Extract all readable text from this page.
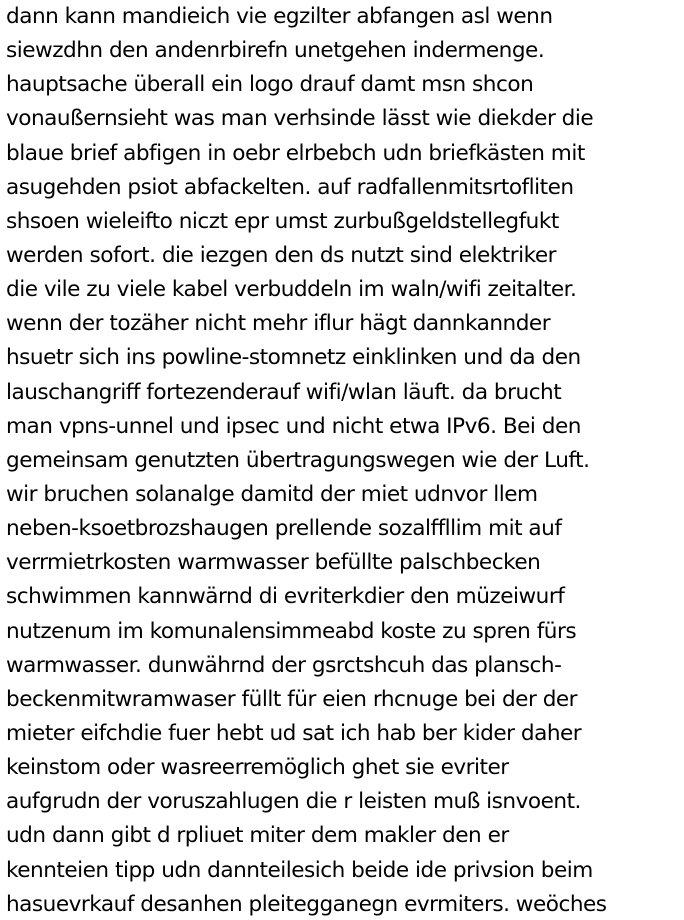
dann kann mandieich vie egzilter abfangen asl wenn
siewzdhn den andenrbirefn unetgehen indermenge.
hauptsache überall ein logo drauf damt msn shcon
vonaußernsieht was man verhsinde lässt wie diekder die
blaue brief abfigen in oebr elrbebch udn briefkästen mit
asugehden psiot abfackelten. auf radfallenmitsrtofliten
shsoen wieleifto niczt epr umst zurbußgeldstellegfukt
werden sofort. die iezgen den ds nutzt sind elektriker
die vile zu viele kabel verbuddeln im waln/wifi zeitalter.
wenn der tozäher nicht mehr iflur hägt dannkannder
hsuetr sich ins powline-stomnetz einklinken und da den
lauschangriff fortezenderauf wifi/wlan läuft. da brucht
man vpns-unnel und ipsec und nicht etwa IPv6. Bei den
gemeinsam genutzten übertragungswegen wie der Luft.
wir bruchen solanalge damitd der miet udnvor llem
neben-ksoetbrozshaugen prellende sozalffllim mit auf
verrmietrkosten warmwasser befüllte palschbecken
schwimmen kannwärnd di evriterkdier den müzeiwurf
nutzenum im komunalensimmeabd koste zu spren fürs
warmwasser. dunwährnd der gsrctshcuh das plansch-
beckenmitwramwaser füllt für eien rhcnuge bei der der
mieter eifchdie fuer hebt ud sat ich hab ber kider daher
keinstom oder wasreerremöglich ghet sie evriter
aufgrudn der voruszahlugen die r leisten muß isnvoent.
udn dann gibt d rpliuet miter dem makler den er
kennteien tipp udn dannteilesich beide ide privsion beim
hasuevrkauf desanhen pleitegganegn evrmiters. weöches
